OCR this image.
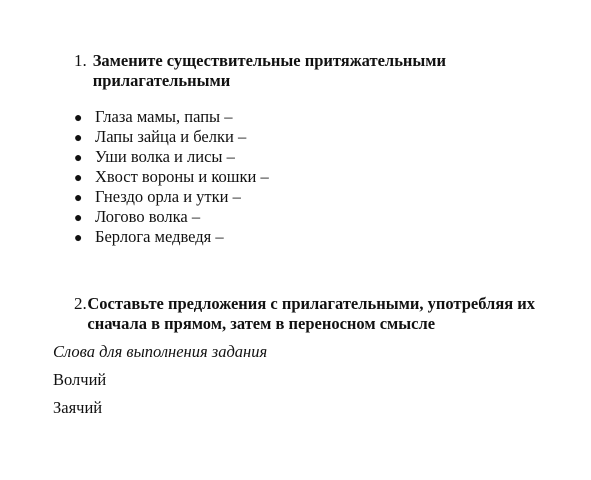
1. Замените существительные притяжательными прилагательными
● Глаза мамы, папы –
● Лапы зайца и белки –
● Уши волка и лисы –
● Хвост вороны и кошки –
● Гнездо орла и утки –
● Логово волка –
● Берлога медведя –
2. Составьте предложения с прилагательными, употребляя их сначала в прямом, затем в переносном смысле
Слова для выполнения задания
Волчий
Заячий
